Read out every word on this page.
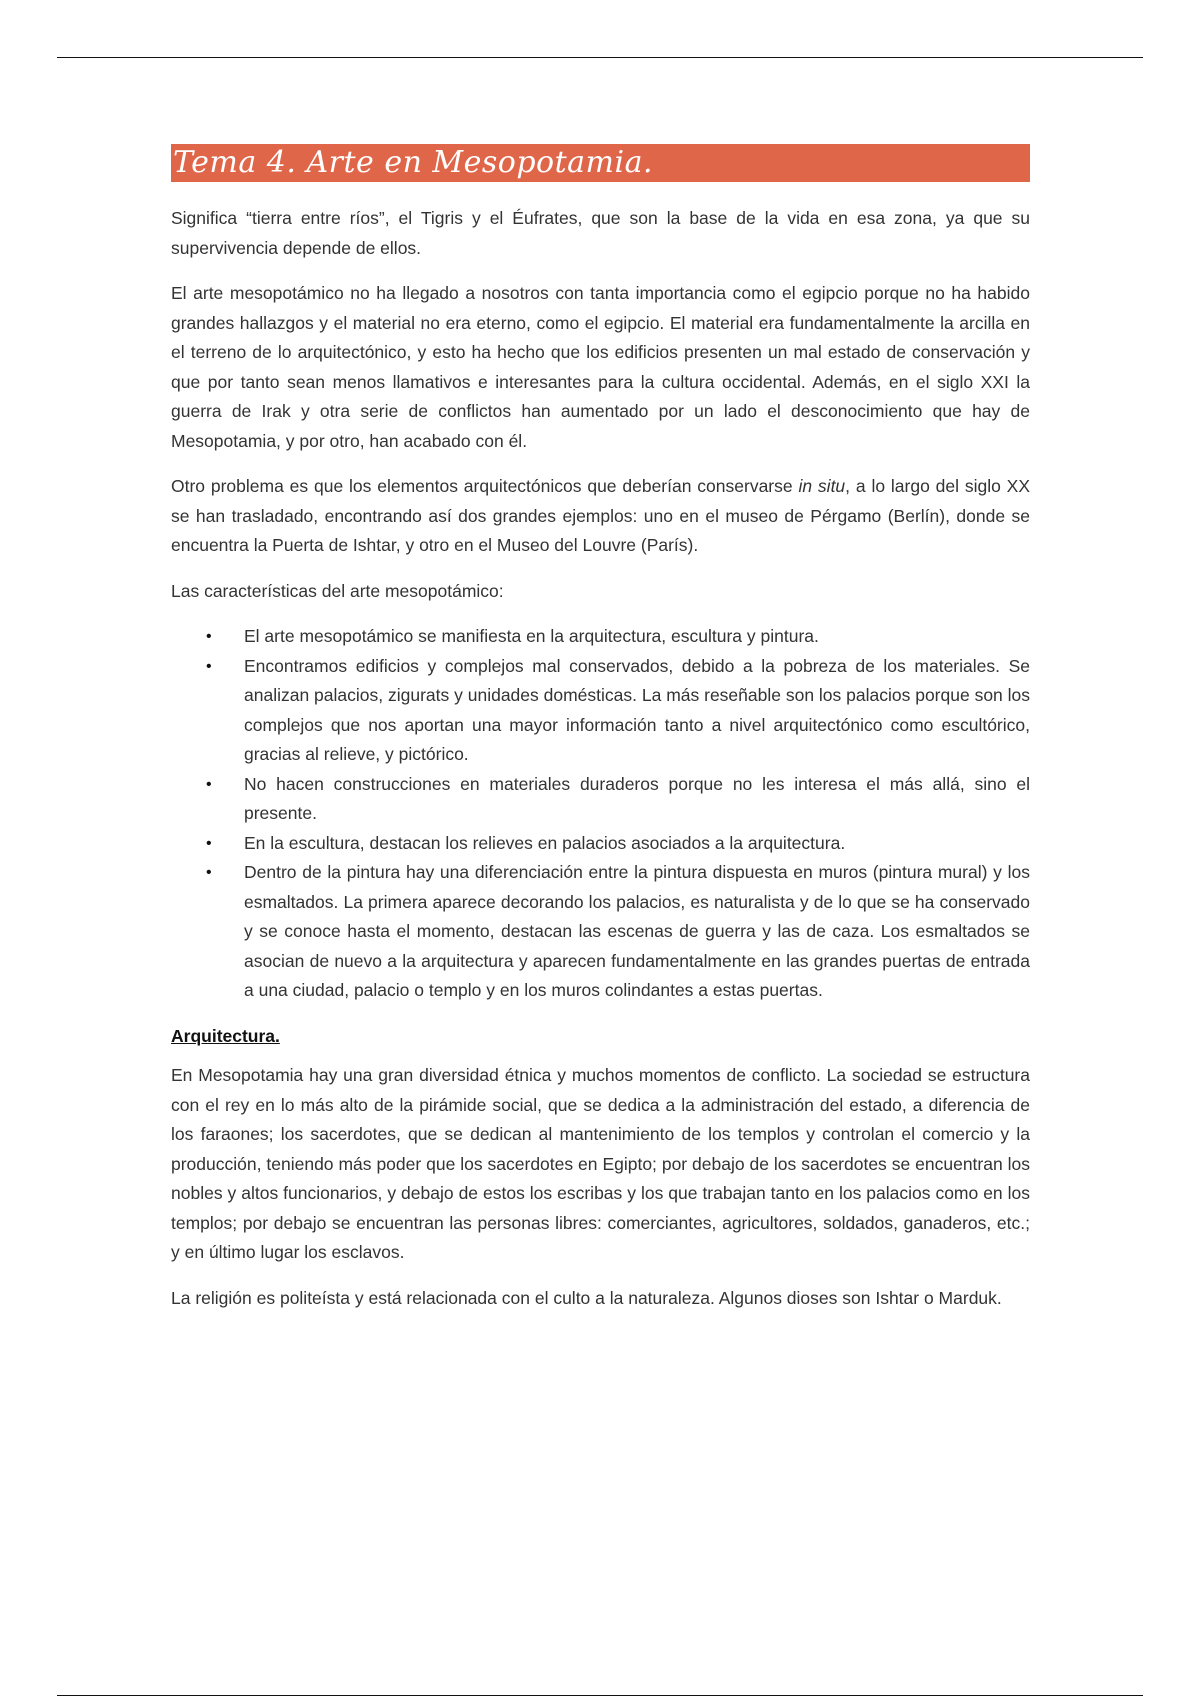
Tema 4. Arte en Mesopotamia.

Significa “tierra entre ríos”, el Tigris y el Éufrates, que son la base de la vida en esa zona, ya que su supervivencia depende de ellos.

El arte mesopotámico no ha llegado a nosotros con tanta importancia como el egipcio porque no ha habido grandes hallazgos y el material no era eterno, como el egipcio. El material era fundamentalmente la arcilla en el terreno de lo arquitectónico, y esto ha hecho que los edificios presenten un mal estado de conservación y que por tanto sean menos llamativos e interesantes para la cultura occidental. Además, en el siglo XXI la guerra de Irak y otra serie de conflictos han aumentado por un lado el desconocimiento que hay de Mesopotamia, y por otro, han acabado con él.

Otro problema es que los elementos arquitectónicos que deberían conservarse in situ, a lo largo del siglo XX se han trasladado, encontrando así dos grandes ejemplos: uno en el museo de Pérgamo (Berlín), donde se encuentra la Puerta de Ishtar, y otro en el Museo del Louvre (París).

Las características del arte mesopotámico:

• El arte mesopotámico se manifiesta en la arquitectura, escultura y pintura.
• Encontramos edificios y complejos mal conservados, debido a la pobreza de los materiales. Se analizan palacios, zigurats y unidades domésticas. La más reseñable son los palacios porque son los complejos que nos aportan una mayor información tanto a nivel arquitectónico como escultórico, gracias al relieve, y pictórico.
• No hacen construcciones en materiales duraderos porque no les interesa el más allá, sino el presente.
• En la escultura, destacan los relieves en palacios asociados a la arquitectura.
• Dentro de la pintura hay una diferenciación entre la pintura dispuesta en muros (pintura mural) y los esmaltados. La primera aparece decorando los palacios, es naturalista y de lo que se ha conservado y se conoce hasta el momento, destacan las escenas de guerra y las de caza. Los esmaltados se asocian de nuevo a la arquitectura y aparecen fundamentalmente en las grandes puertas de entrada a una ciudad, palacio o templo y en los muros colindantes a estas puertas.
Arquitectura.

En Mesopotamia hay una gran diversidad étnica y muchos momentos de conflicto. La sociedad se estructura con el rey en lo más alto de la pirámide social, que se dedica a la administración del estado, a diferencia de los faraones; los sacerdotes, que se dedican al mantenimiento de los templos y controlan el comercio y la producción, teniendo más poder que los sacerdotes en Egipto; por debajo de los sacerdotes se encuentran los nobles y altos funcionarios, y debajo de estos los escribas y los que trabajan tanto en los palacios como en los templos; por debajo se encuentran las personas libres: comerciantes, agricultores, soldados, ganaderos, etc.; y en último lugar los esclavos.

La religión es politeísta y está relacionada con el culto a la naturaleza. Algunos dioses son Ishtar o Marduk.
